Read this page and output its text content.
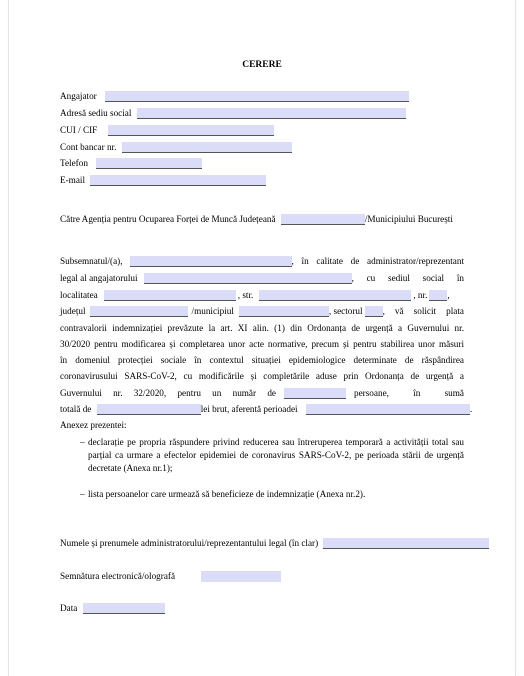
CERERE
Angajator
Adresă sediu social
CUI / CIF
Cont bancar nr.
Telefon
E-mail
Către Agenția pentru Ocuparea Forței de Muncă Județeană	/Municipiului București
Subsemnatul/(a),	, în calitate de administrator/reprezentant
legal al angajatorului	, cu sediul social în
localitatea	, str.	, nr. ,
județul	/municipiul	, sectorul , vă solicit plata
contravalorii indemnizației prevăzute la art. XI alin. (1) din Ordonanța de urgență a Guvernului nr.
30/2020 pentru modificarea și completarea unor acte normative, precum și pentru stabilirea unor măsuri
în domeniul protecției sociale în contextul situației epidemiologice determinate de răspândirea
coronavirusului SARS-CoV-2, cu modificările și completările aduse prin Ordonanța de urgență a
Guvernului nr. 32/2020, pentru un număr de	persoane, în sumă
totală de	lei brut, aferentă perioadei	.
Anexez prezentei:
– declarație pe propria răspundere privind reducerea sau întreruperea temporară a activității total sau parțial ca urmare a efectelor epidemiei de coronavirus SARS-CoV-2, pe perioada stării de urgență decretate (Anexa nr.1);
– lista persoanelor care urmează să beneficieze de indemnizație (Anexa nr.2).
Numele și prenumele administratorului/reprezentantului legal (în clar)
Semnătura electronică/olografă
Data
